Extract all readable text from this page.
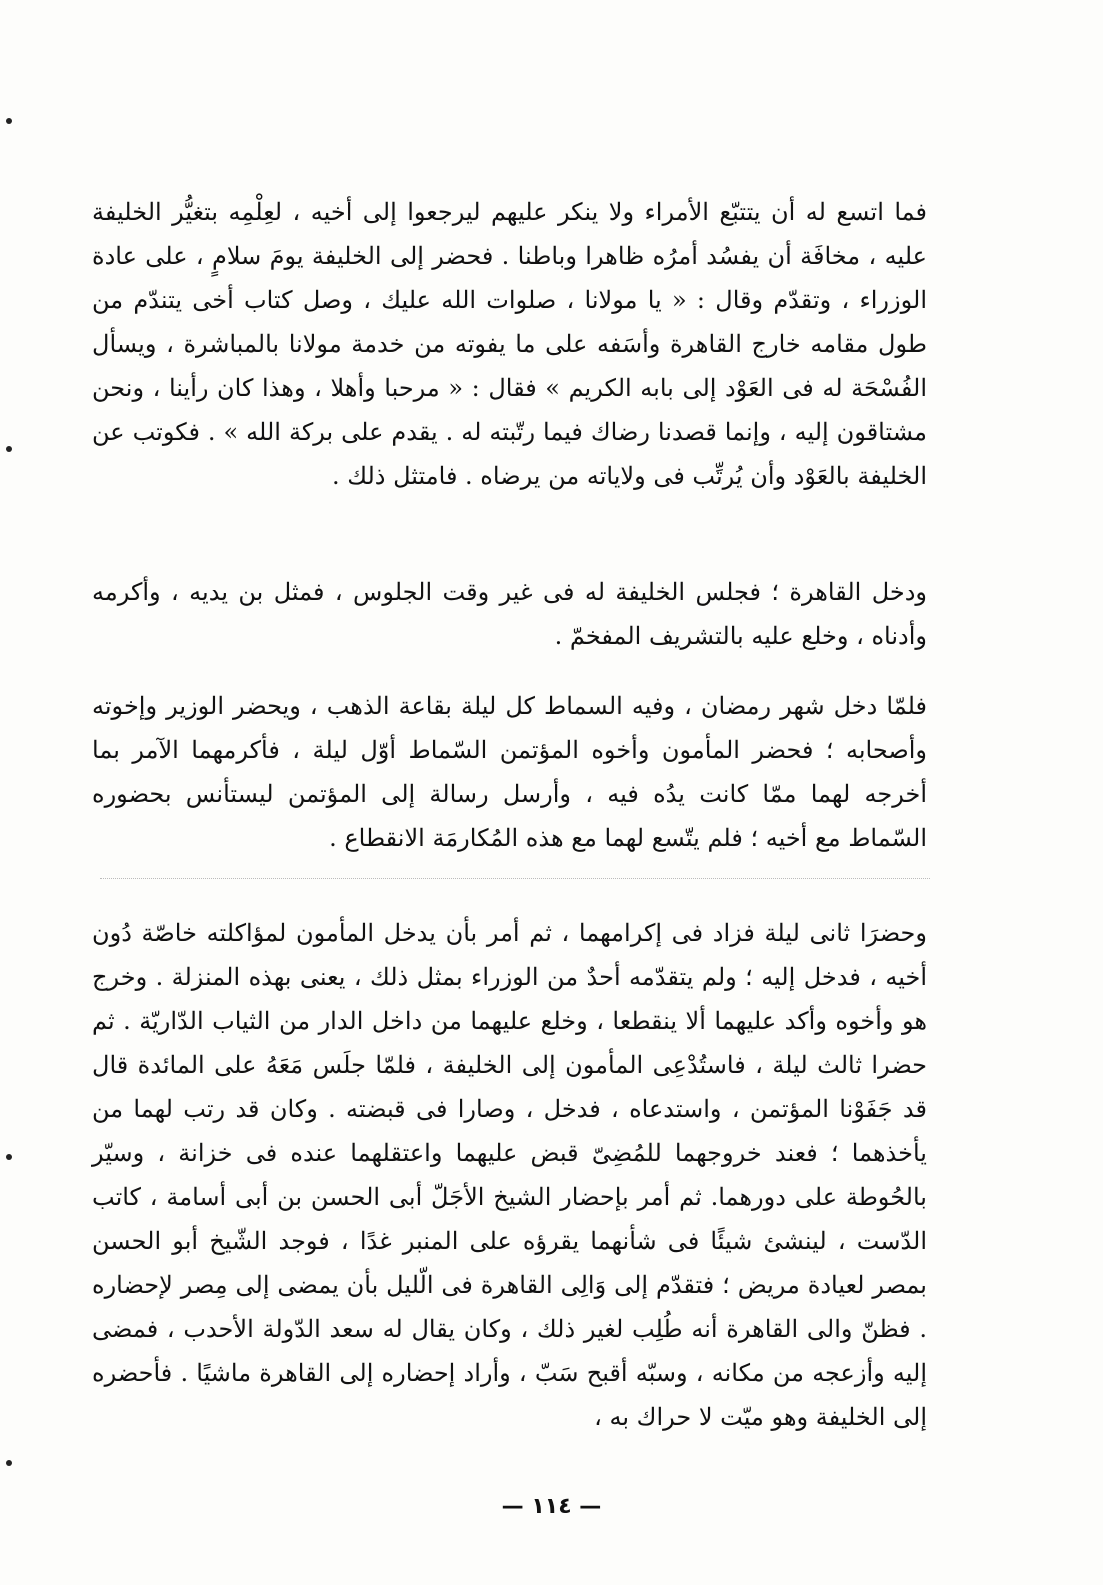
فما اتسع له أن يتتبّع الأمراء ولا ينكر عليهم ليرجعوا إلى أخيه ، لعِلْمِه بتغيُّر الخليفة عليه ، مخافَة أن يفسُد أمرُه ظاهرا وباطنا . فحضر إلى الخليفة يومَ سلامٍ ، على عادة الوزراء ، وتقدّم وقال : « يا مولانا ، صلوات الله عليك ، وصل كتاب أخى يتندّم من طول مقامه خارج القاهرة وأسَفه على ما يفوته من خدمة مولانا بالمباشرة ، ويسأل الفُسْحَة له فى العَوْد إلى بابه الكريم » فقال : « مرحبا وأهلا ، وهذا كان رأينا ، ونحن مشتاقون إليه ، وإنما قصدنا رضاك فيما رتّبته له . يقدم على بركة الله » . فكوتب عن الخليفة بالعَوْد وأن يُرتِّب فى ولاياته من يرضاه . فامتثل ذلك .

ودخل القاهرة ؛ فجلس الخليفة له فى غير وقت الجلوس ، فمثل بن يديه ، وأكرمه وأدناه ، وخلع عليه بالتشريف المفخمّ .

فلمّا دخل شهر رمضان ، وفيه السماط كل ليلة بقاعة الذهب ، ويحضر الوزير وإخوته وأصحابه ؛ فحضر المأمون وأخوه المؤتمن السّماط أوّل ليلة ، فأكرمهما الآمر بما أخرجه لهما ممّا كانت يدُه فيه ، وأرسل رسالة إلى المؤتمن ليستأنس بحضوره السّماط مع أخيه ؛ فلم يتّسع لهما مع هذه المُكارمَة الانقطاع .

وحضرَا ثانى ليلة فزاد فى إكرامهما ، ثم أمر بأن يدخل المأمون لمؤاكلته خاصّة دُون أخيه ، فدخل إليه ؛ ولم يتقدّمه أحدٌ من الوزراء بمثل ذلك ، يعنى بهذه المنزلة . وخرج هو وأخوه وأكد عليهما ألا ينقطعا ، وخلع عليهما من داخل الدار من الثياب الدّاريّة . ثم حضرا ثالث ليلة ، فاستُدْعِى المأمون إلى الخليفة ، فلمّا جلَس مَعَهُ على المائدة قال قد جَفَوْنا المؤتمن ، واستدعاه ، فدخل ، وصارا فى قبضته . وكان قد رتب لهما من يأخذهما ؛ فعند خروجهما للمُضِىّ قبض عليهما واعتقلهما عنده فى خزانة ، وسيّر بالحُوطة على دورهما. ثم أمر بإحضار الشيخ الأجَلّ أبى الحسن بن أبى أسامة ، كاتب الدّست ، لينشئ شيئًا فى شأنهما يقرؤه على المنبر غدًا ، فوجد الشّيخ أبو الحسن بمصر لعيادة مريض ؛ فتقدّم إلى وَالِى القاهرة فى الّليل بأن يمضى إلى مِصر لإحضاره . فظنّ والى القاهرة أنه طُلِب لغير ذلك ، وكان يقال له سعد الدّولة الأحدب ، فمضى إليه وأزعجه من مكانه ، وسبّه أقبح سَبّ ، وأراد إحضاره إلى القاهرة ماشيًا . فأحضره إلى الخليفة وهو ميّت لا حراك به ،

— ١١٤ —
